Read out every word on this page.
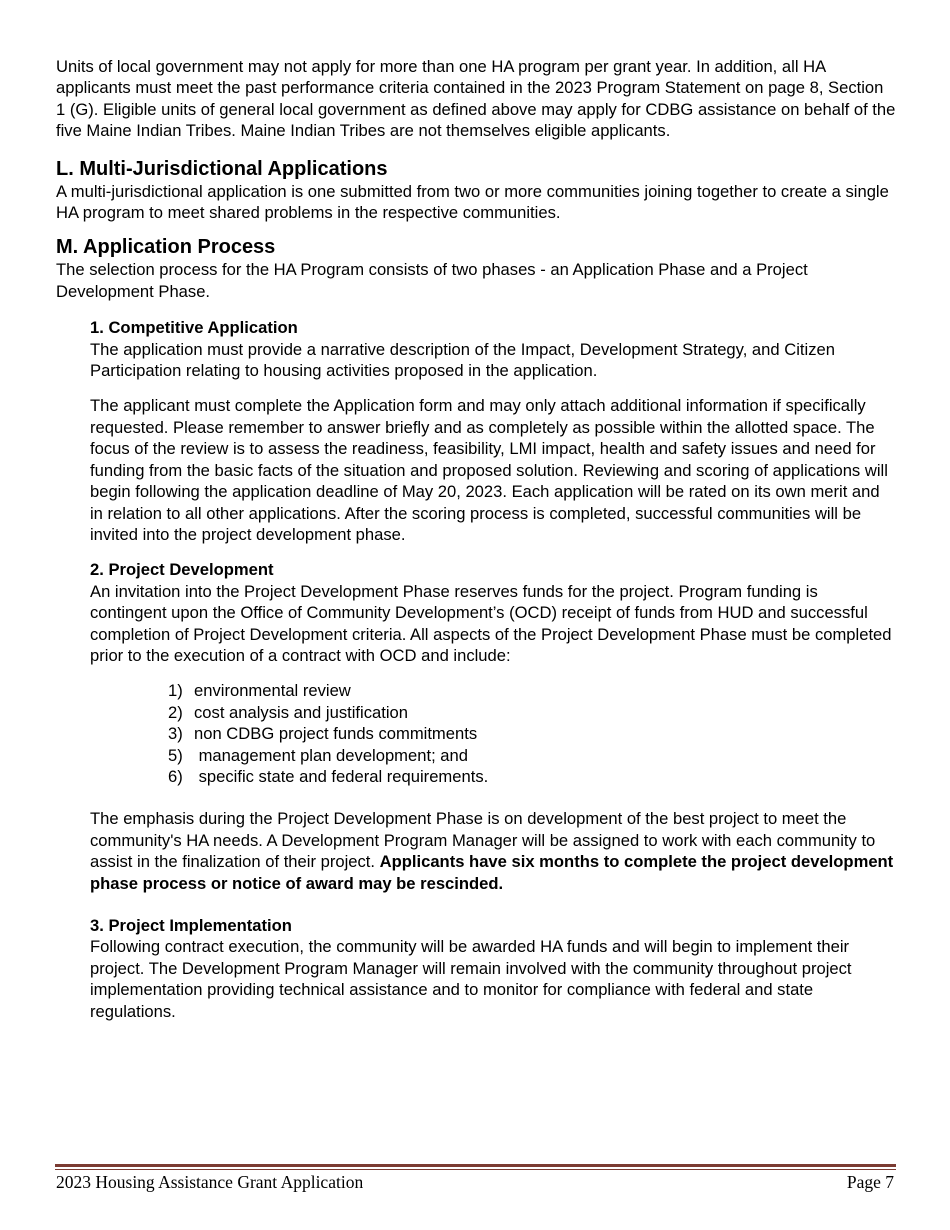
Units of local government may not apply for more than one HA program per grant year. In addition, all HA applicants must meet the past performance criteria contained in the 2023 Program Statement on page 8, Section 1 (G). Eligible units of general local government as defined above may apply for CDBG assistance on behalf of the five Maine Indian Tribes. Maine Indian Tribes are not themselves eligible applicants.

L. Multi-Jurisdictional Applications

A multi-jurisdictional application is one submitted from two or more communities joining together to create a single HA program to meet shared problems in the respective communities.

M. Application Process

The selection process for the HA Program consists of two phases - an Application Phase and a Project Development Phase.

1. Competitive Application

The application must provide a narrative description of the Impact, Development Strategy, and Citizen Participation relating to housing activities proposed in the application.

The applicant must complete the Application form and may only attach additional information if specifically requested. Please remember to answer briefly and as completely as possible within the allotted space. The focus of the review is to assess the readiness, feasibility, LMI impact, health and safety issues and need for funding from the basic facts of the situation and proposed solution. Reviewing and scoring of applications will begin following the application deadline of May 20, 2023. Each application will be rated on its own merit and in relation to all other applications. After the scoring process is completed, successful communities will be invited into the project development phase.

2. Project Development

An invitation into the Project Development Phase reserves funds for the project. Program funding is contingent upon the Office of Community Development’s (OCD) receipt of funds from HUD and successful completion of Project Development criteria. All aspects of the Project Development Phase must be completed prior to the execution of a contract with OCD and include:

1) environmental review
2) cost analysis and justification
3) non CDBG project funds commitments
5) management plan development; and
6) specific state and federal requirements.

The emphasis during the Project Development Phase is on development of the best project to meet the community's HA needs. A Development Program Manager will be assigned to work with each community to assist in the finalization of their project. Applicants have six months to complete the project development phase process or notice of award may be rescinded.

3. Project Implementation

Following contract execution, the community will be awarded HA funds and will begin to implement their project. The Development Program Manager will remain involved with the community throughout project implementation providing technical assistance and to monitor for compliance with federal and state regulations.

2023 Housing Assistance Grant Application	Page 7
